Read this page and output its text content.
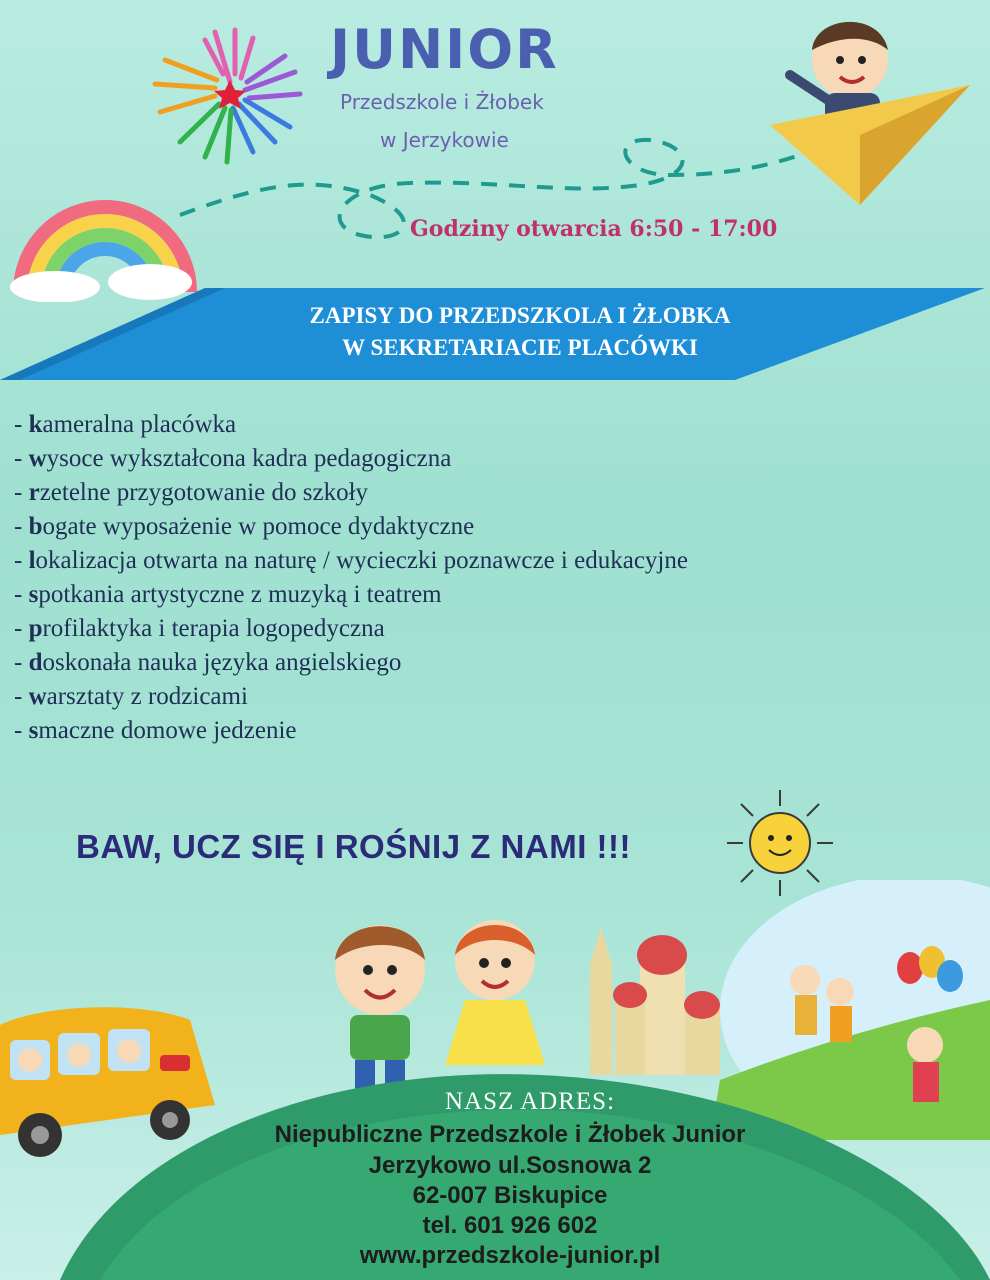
JUNIOR
Przedszkole i Żłobek
w Jerzykowie
ZAPISY DO PRZEDSZKOLA I ŻŁOBKA
W SEKRETARIACIE PLACÓWKI
Godziny otwarcia 6:50 - 17:00
- kameralna placówka
- wysoce wykształcona kadra pedagogiczna
- rzetelne przygotowanie do szkoły
- bogate wyposażenie w pomoce dydaktyczne
- lokalizacja otwarta na naturę / wycieczki poznawcze i edukacyjne
- spotkania artystyczne z muzyką i teatrem
- profilaktyka i terapia logopedyczna
- doskonała nauka języka angielskiego
- warsztaty z rodzicami
- smaczne domowe jedzenie
BAW, UCZ SIĘ I ROŚNIJ Z NAMI !!!
NASZ ADRES:
Niepubliczne Przedszkole i Żłobek Junior
Jerzykowo ul.Sosnowa 2
62-007 Biskupice
tel. 601 926 602
www.przedszkole-junior.pl
